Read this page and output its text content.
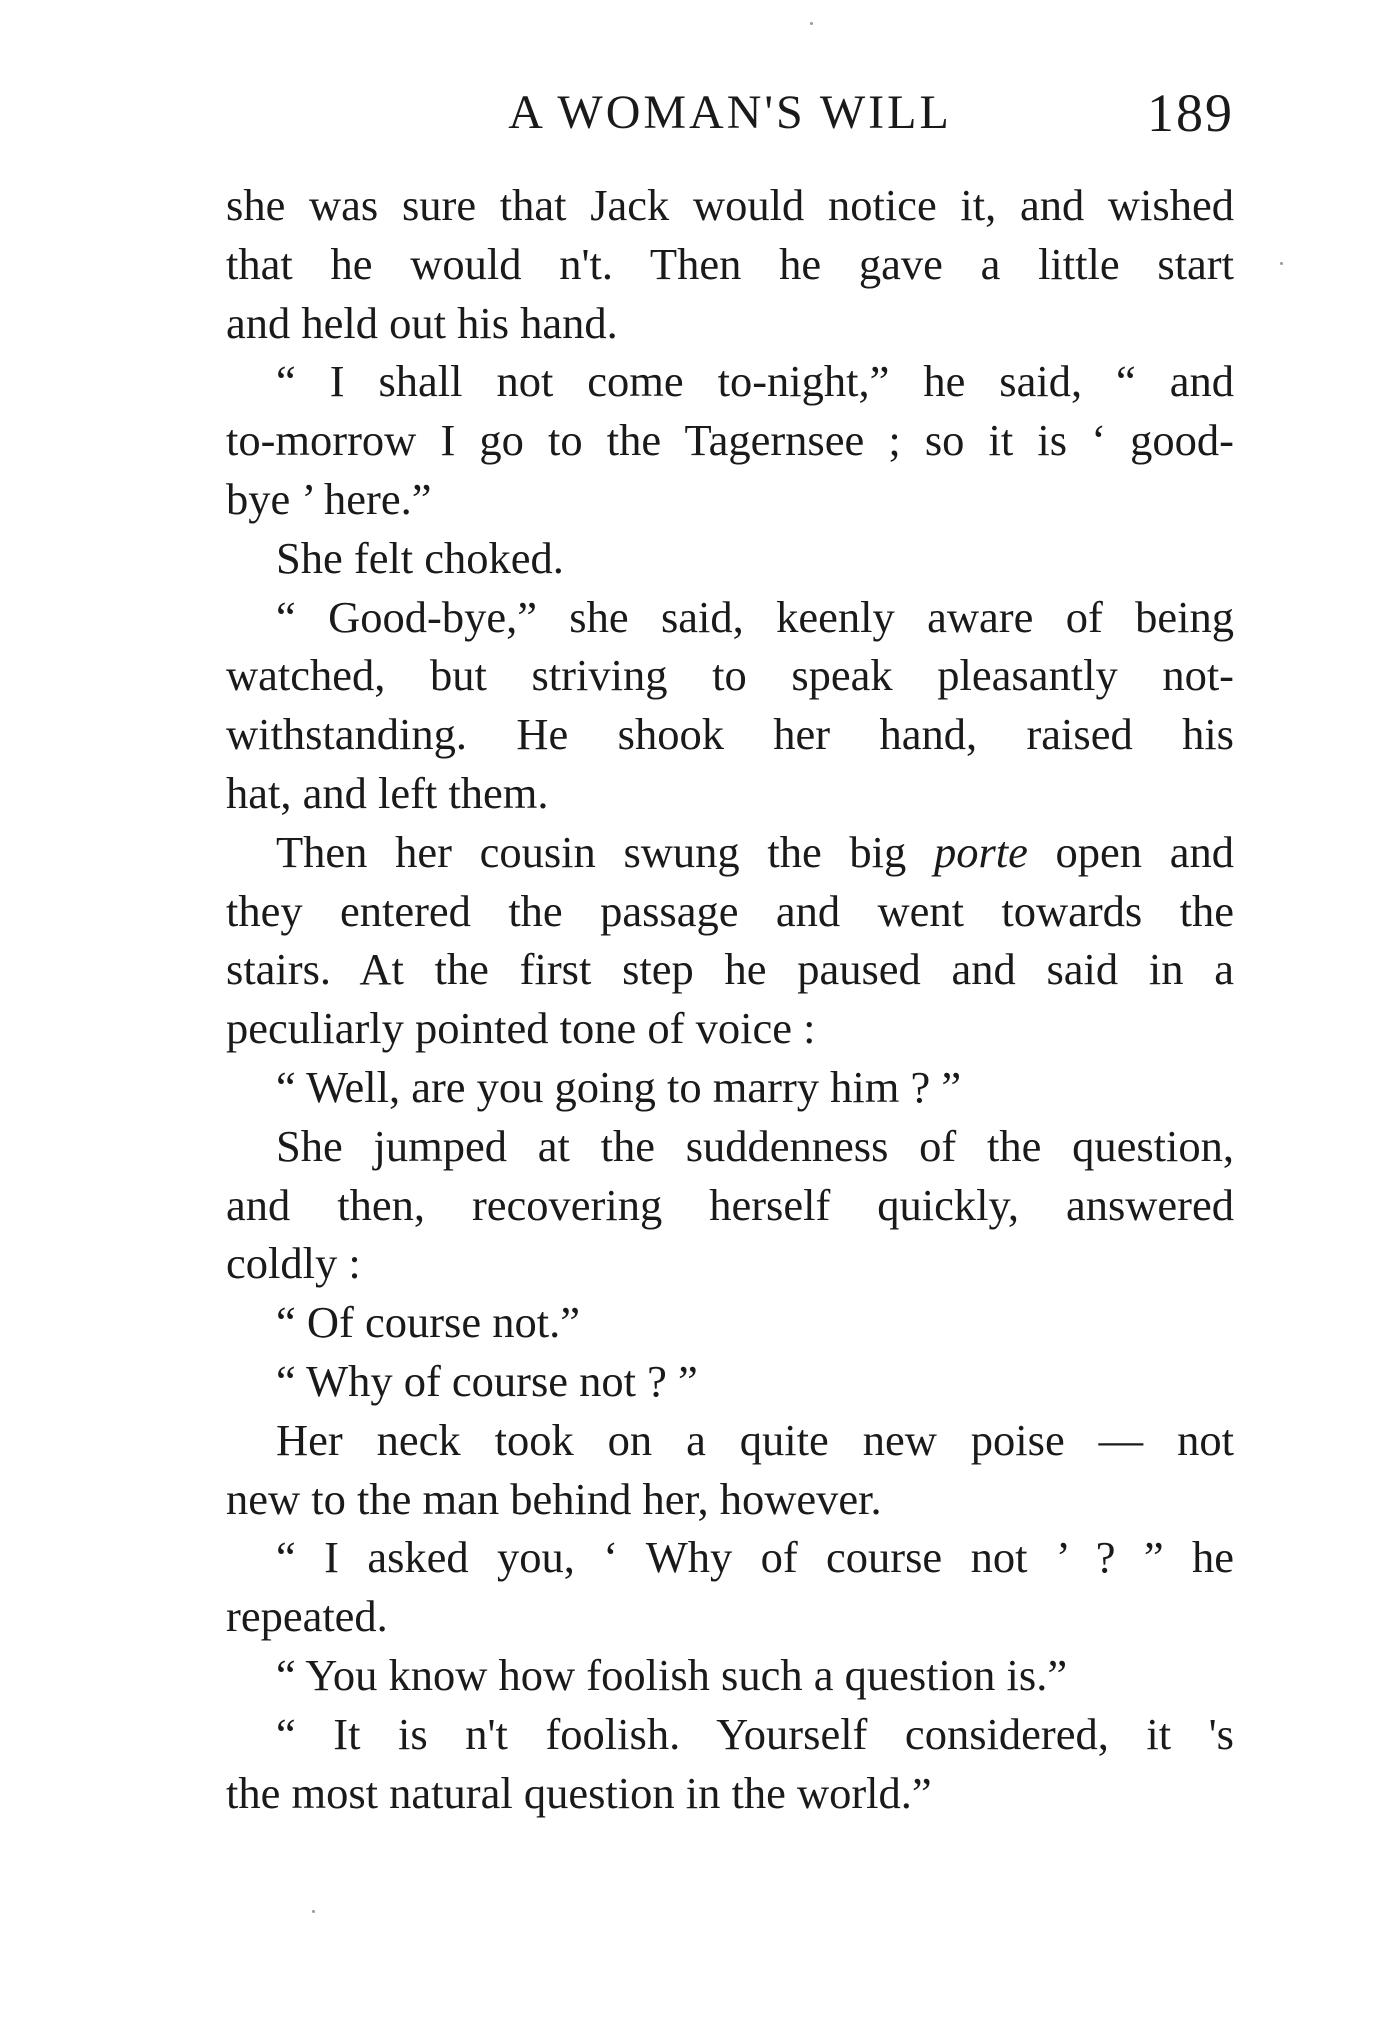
A WOMAN'S WILL	189
she was sure that Jack would notice it, and wished
that he would n't. Then he gave a little start
and held out his hand.
“ I shall not come to-night,” he said, “ and
to-morrow I go to the Tagernsee ; so it is ‘ good-
bye ’ here.”
She felt choked.
“ Good-bye,” she said, keenly aware of being
watched, but striving to speak pleasantly not-
withstanding. He shook her hand, raised his
hat, and left them.
Then her cousin swung the big porte open and
they entered the passage and went towards the
stairs. At the first step he paused and said in a
peculiarly pointed tone of voice :
“ Well, are you going to marry him ? ”
She jumped at the suddenness of the question,
and then, recovering herself quickly, answered
coldly :
“ Of course not.”
“ Why of course not ? ”
Her neck took on a quite new poise — not
new to the man behind her, however.
“ I asked you, ‘ Why of course not ’ ? ” he
repeated.
“ You know how foolish such a question is.”
“ It is n't foolish. Yourself considered, it 's
the most natural question in the world.”
